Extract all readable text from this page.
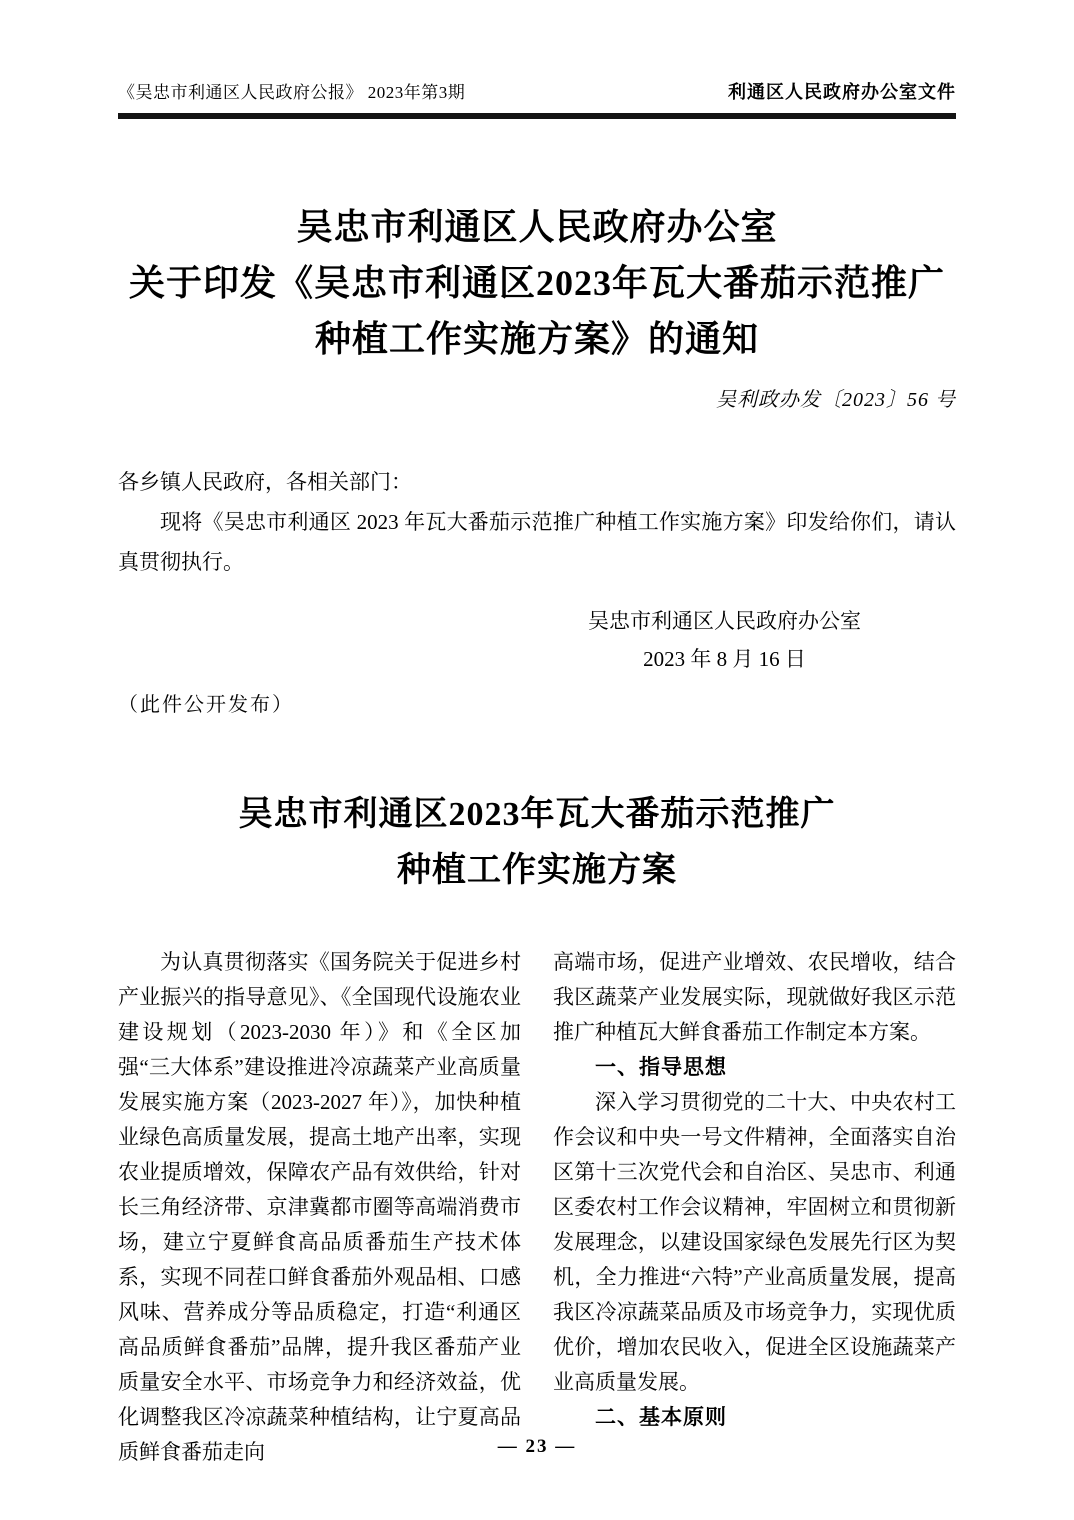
《吴忠市利通区人民政府公报》 2023年第3期	利通区人民政府办公室文件
吴忠市利通区人民政府办公室
关于印发《吴忠市利通区2023年瓦大番茄示范推广
种植工作实施方案》的通知
吴利政办发〔2023〕56 号
各乡镇人民政府，各相关部门：

现将《吴忠市利通区 2023 年瓦大番茄示范推广种植工作实施方案》印发给你们，请认真贯彻执行。

吴忠市利通区人民政府办公室
2023 年 8 月 16 日
（此件公开发布）
吴忠市利通区2023年瓦大番茄示范推广
种植工作实施方案

为认真贯彻落实《国务院关于促进乡村产业振兴的指导意见》、《全国现代设施农业建设规划（2023-2030 年）》和《全区加强“三大体系”建设推进冷凉蔬菜产业高质量发展实施方案（2023-2027 年）》，加快种植业绿色高质量发展，提高土地产出率，实现农业提质增效，保障农产品有效供给，针对长三角经济带、京津冀都市圈等高端消费市场，建立宁夏鲜食高品质番茄生产技术体系，实现不同茬口鲜食番茄外观品相、口感风味、营养成分等品质稳定，打造“利通区高品质鲜食番茄”品牌，提升我区番茄产业质量安全水平、市场竞争力和经济效益，优化调整我区冷凉蔬菜种植结构，让宁夏高品质鲜食番茄走向

高端市场，促进产业增效、农民增收，结合我区蔬菜产业发展实际，现就做好我区示范推广种植瓦大鲜食番茄工作制定本方案。

一、指导思想

深入学习贯彻党的二十大、中央农村工作会议和中央一号文件精神，全面落实自治区第十三次党代会和自治区、吴忠市、利通区委农村工作会议精神，牢固树立和贯彻新发展理念，以建设国家绿色发展先行区为契机，全力推进“六特”产业高质量发展，提高我区冷凉蔬菜品质及市场竞争力，实现优质优价，增加农民收入，促进全区设施蔬菜产业高质量发展。

二、基本原则

— 23 —
